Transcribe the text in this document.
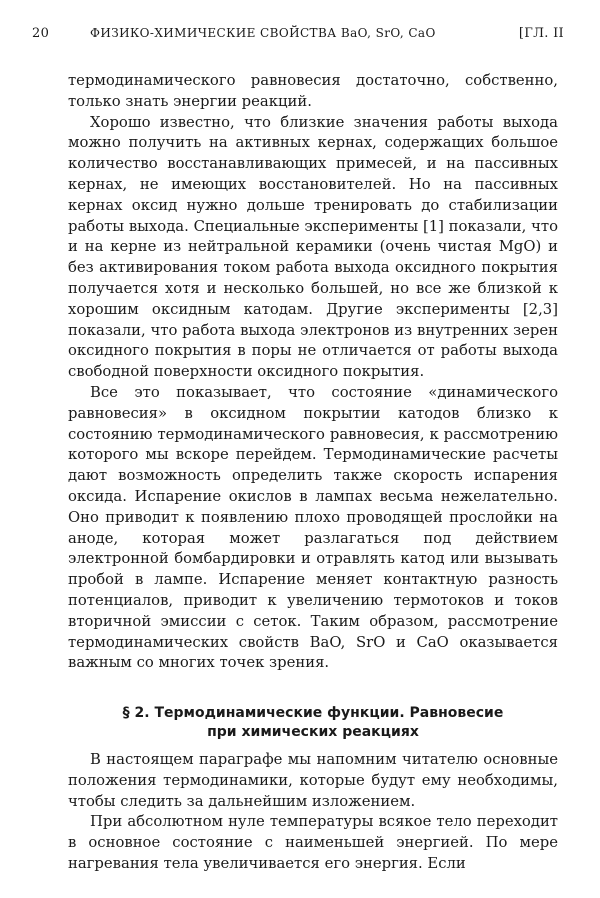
20	ФИЗИКО-ХИМИЧЕСКИЕ СВОЙСТВА BaO, SrO, CaO	[ГЛ. II

термодинамического равновесия достаточно, собственно, только знать энергии реакций.

Хорошо известно, что близкие значения работы выхода можно получить на активных кернах, содержащих большое количество восстанавливающих примесей, и на пассивных кернах, не имеющих восстановителей. Но на пассивных кернах оксид нужно дольше тренировать до стабилизации работы выхода. Специальные эксперименты [1] показали, что и на керне из нейтральной керамики (очень чистая MgO) и без активирования током работа выхода оксидного покрытия получается хотя и несколько большей, но все же близкой к хорошим оксидным катодам. Другие эксперименты [2,3] показали, что работа выхода электронов из внутренних зерен оксидного покрытия в поры не отличается от работы выхода свободной поверхности оксидного покрытия.

Все это показывает, что состояние «динамического равновесия» в оксидном покрытии катодов близко к состоянию термодинамического равновесия, к рассмотрению которого мы вскоре перейдем. Термодинамические расчеты дают возможность определить также скорость испарения оксида. Испарение окислов в лампах весьма нежелательно. Оно приводит к появлению плохо проводящей прослойки на аноде, которая может разлагаться под действием электронной бомбардировки и отравлять катод или вызывать пробой в лампе. Испарение меняет контактную разность потенциалов, приводит к увеличению термотоков и токов вторичной эмиссии с сеток. Таким образом, рассмотрение термодинамических свойств BaO, SrO и CaO оказывается важным со многих точек зрения.

§ 2. Термодинамические функции. Равновесие
при химических реакциях

В настоящем параграфе мы напомним читателю основные положения термодинамики, которые будут ему необходимы, чтобы следить за дальнейшим изложением.

При абсолютном нуле температуры всякое тело переходит в основное состояние с наименьшей энергией. По мере нагревания тела увеличивается его энергия. Если
